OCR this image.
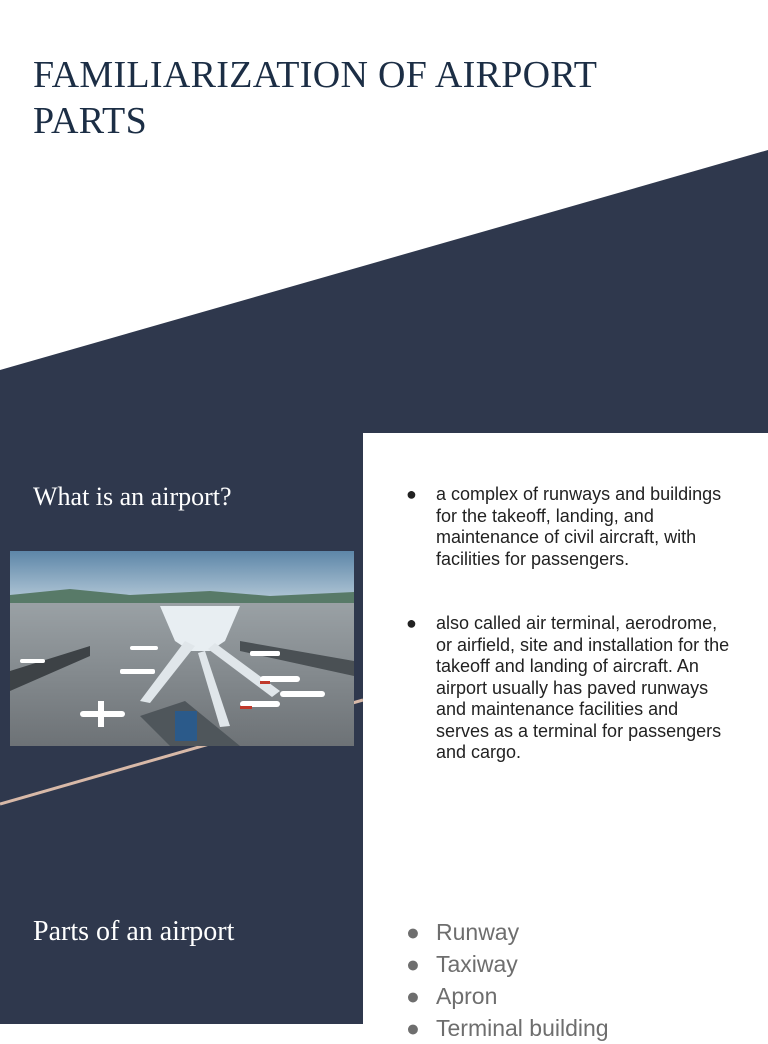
FAMILIARIZATION OF AIRPORT PARTS
What is an airport?	● a complex of runways and buildings for the takeoff, landing, and maintenance of civil aircraft, with facilities for passengers.
● also called air terminal, aerodrome, or airfield, site and installation for the takeoff and landing of aircraft. An airport usually has paved runways and maintenance facilities and serves as a terminal for passengers and cargo.
Parts of an airport	● Runway
● Taxiway
● Apron
● Terminal building
